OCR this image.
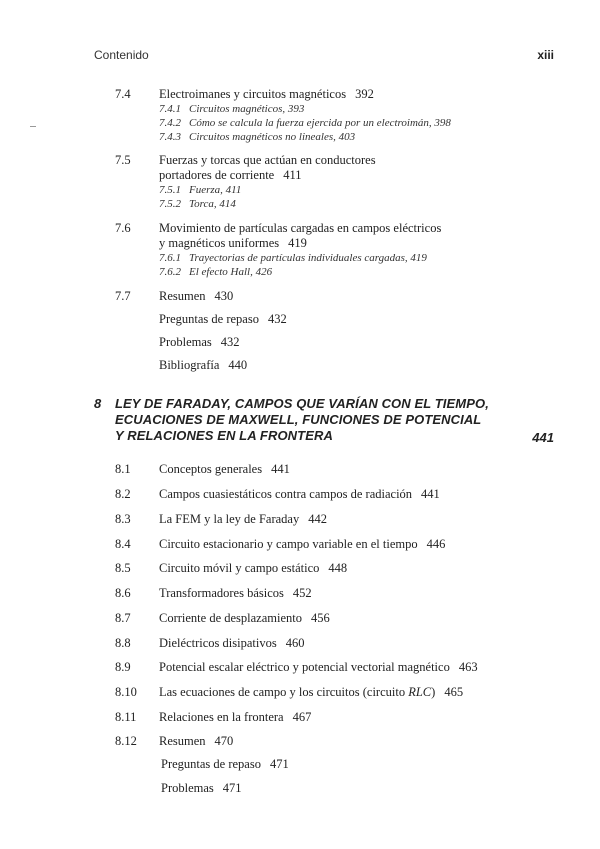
Contenido	xiii
7.4 Electroimanes y circuitos magnéticos 392
7.4.1 Circuitos magnéticos, 393
7.4.2 Cómo se calcula la fuerza ejercida por un electroimán, 398
7.4.3 Circuitos magnéticos no lineales, 403
7.5 Fuerzas y torcas que actúan en conductores
portadores de corriente 411
7.5.1 Fuerza, 411
7.5.2 Torca, 414
7.6 Movimiento de partículas cargadas en campos eléctricos
y magnéticos uniformes 419
7.6.1 Trayectorias de partículas individuales cargadas, 419
7.6.2 El efecto Hall, 426
7.7 Resumen 430
Preguntas de repaso 432
Problemas 432
Bibliografía 440
8 LEY DE FARADAY, CAMPOS QUE VARÍAN CON EL TIEMPO,
ECUACIONES DE MAXWELL, FUNCIONES DE POTENCIAL
Y RELACIONES EN LA FRONTERA	441
8.1 Conceptos generales 441
8.2 Campos cuasiestáticos contra campos de radiación 441
8.3 La FEM y la ley de Faraday 442
8.4 Circuito estacionario y campo variable en el tiempo 446
8.5 Circuito móvil y campo estático 448
8.6 Transformadores básicos 452
8.7 Corriente de desplazamiento 456
8.8 Dieléctricos disipativos 460
8.9 Potencial escalar eléctrico y potencial vectorial magnético 463
8.10 Las ecuaciones de campo y los circuitos (circuito RLC) 465
8.11 Relaciones en la frontera 467
8.12 Resumen 470
Preguntas de repaso 471
Problemas 471
